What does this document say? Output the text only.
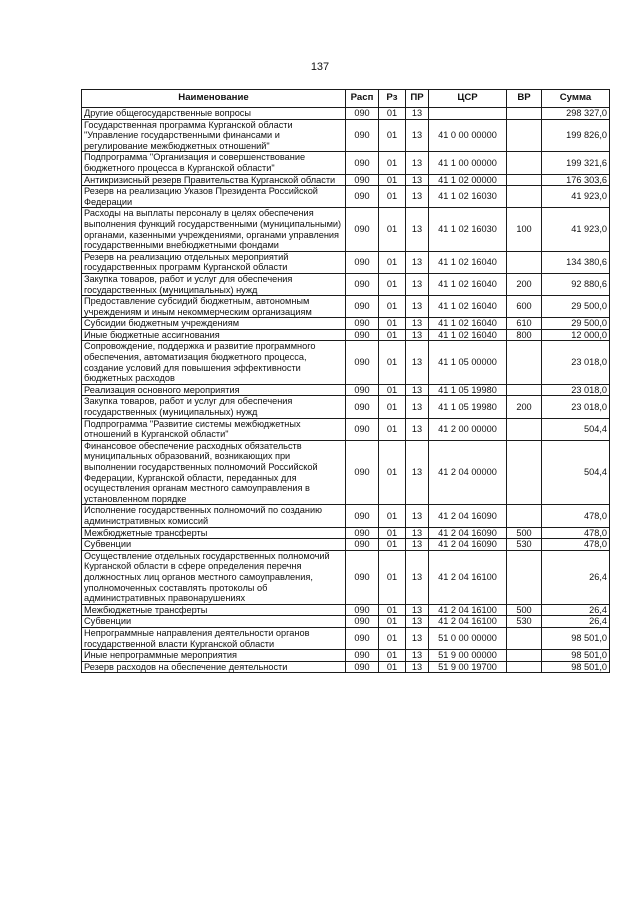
137
Наименование	Расп	Рз	ПР	ЦСР	ВР	Сумма
Другие общегосударственные вопросы	090	01	13			298 327,0
Государственная программа Курганской области "Управление государственными финансами и регулирование межбюджетных отношений"	090	01	13	41 0 00 00000		199 826,0
Подпрограмма "Организация и совершенствование бюджетного процесса в Курганской области"	090	01	13	41 1 00 00000		199 321,6
Антикризисный резерв Правительства Курганской области	090	01	13	41 1 02 00000		176 303,6
Резерв на реализацию Указов Президента Российской Федерации	090	01	13	41 1 02 16030		41 923,0
Расходы на выплаты персоналу в целях обеспечения выполнения функций государственными (муниципальными) органами, казенными учреждениями, органами управления государственными внебюджетными фондами	090	01	13	41 1 02 16030	100	41 923,0
Резерв на реализацию отдельных мероприятий государственных программ Курганской области	090	01	13	41 1 02 16040		134 380,6
Закупка товаров, работ и услуг для обеспечения государственных (муниципальных) нужд	090	01	13	41 1 02 16040	200	92 880,6
Предоставление субсидий бюджетным, автономным учреждениям и иным некоммерческим организациям	090	01	13	41 1 02 16040	600	29 500,0
Субсидии бюджетным учреждениям	090	01	13	41 1 02 16040	610	29 500,0
Иные бюджетные ассигнования	090	01	13	41 1 02 16040	800	12 000,0
Сопровождение, поддержка и развитие программного обеспечения, автоматизация бюджетного процесса, создание условий для повышения эффективности бюджетных расходов	090	01	13	41 1 05 00000		23 018,0
Реализация основного мероприятия	090	01	13	41 1 05 19980		23 018,0
Закупка товаров, работ и услуг для обеспечения государственных (муниципальных) нужд	090	01	13	41 1 05 19980	200	23 018,0
Подпрограмма "Развитие системы межбюджетных отношений в Курганской области"	090	01	13	41 2 00 00000		504,4
Финансовое обеспечение расходных обязательств муниципальных образований, возникающих при выполнении государственных полномочий Российской Федерации, Курганской области, переданных для осуществления органам местного самоуправления в установленном порядке	090	01	13	41 2 04 00000		504,4
Исполнение государственных полномочий по созданию административных комиссий	090	01	13	41 2 04 16090		478,0
Межбюджетные трансферты	090	01	13	41 2 04 16090	500	478,0
Субвенции	090	01	13	41 2 04 16090	530	478,0
Осуществление отдельных государственных полномочий Курганской области в сфере определения перечня должностных лиц органов местного самоуправления, уполномоченных составлять протоколы об административных правонарушениях	090	01	13	41 2 04 16100		26,4
Межбюджетные трансферты	090	01	13	41 2 04 16100	500	26,4
Субвенции	090	01	13	41 2 04 16100	530	26,4
Непрограммные направления деятельности органов государственной власти Курганской области	090	01	13	51 0 00 00000		98 501,0
Иные непрограммные мероприятия	090	01	13	51 9 00 00000		98 501,0
Резерв расходов на обеспечение деятельности	090	01	13	51 9 00 19700		98 501,0
